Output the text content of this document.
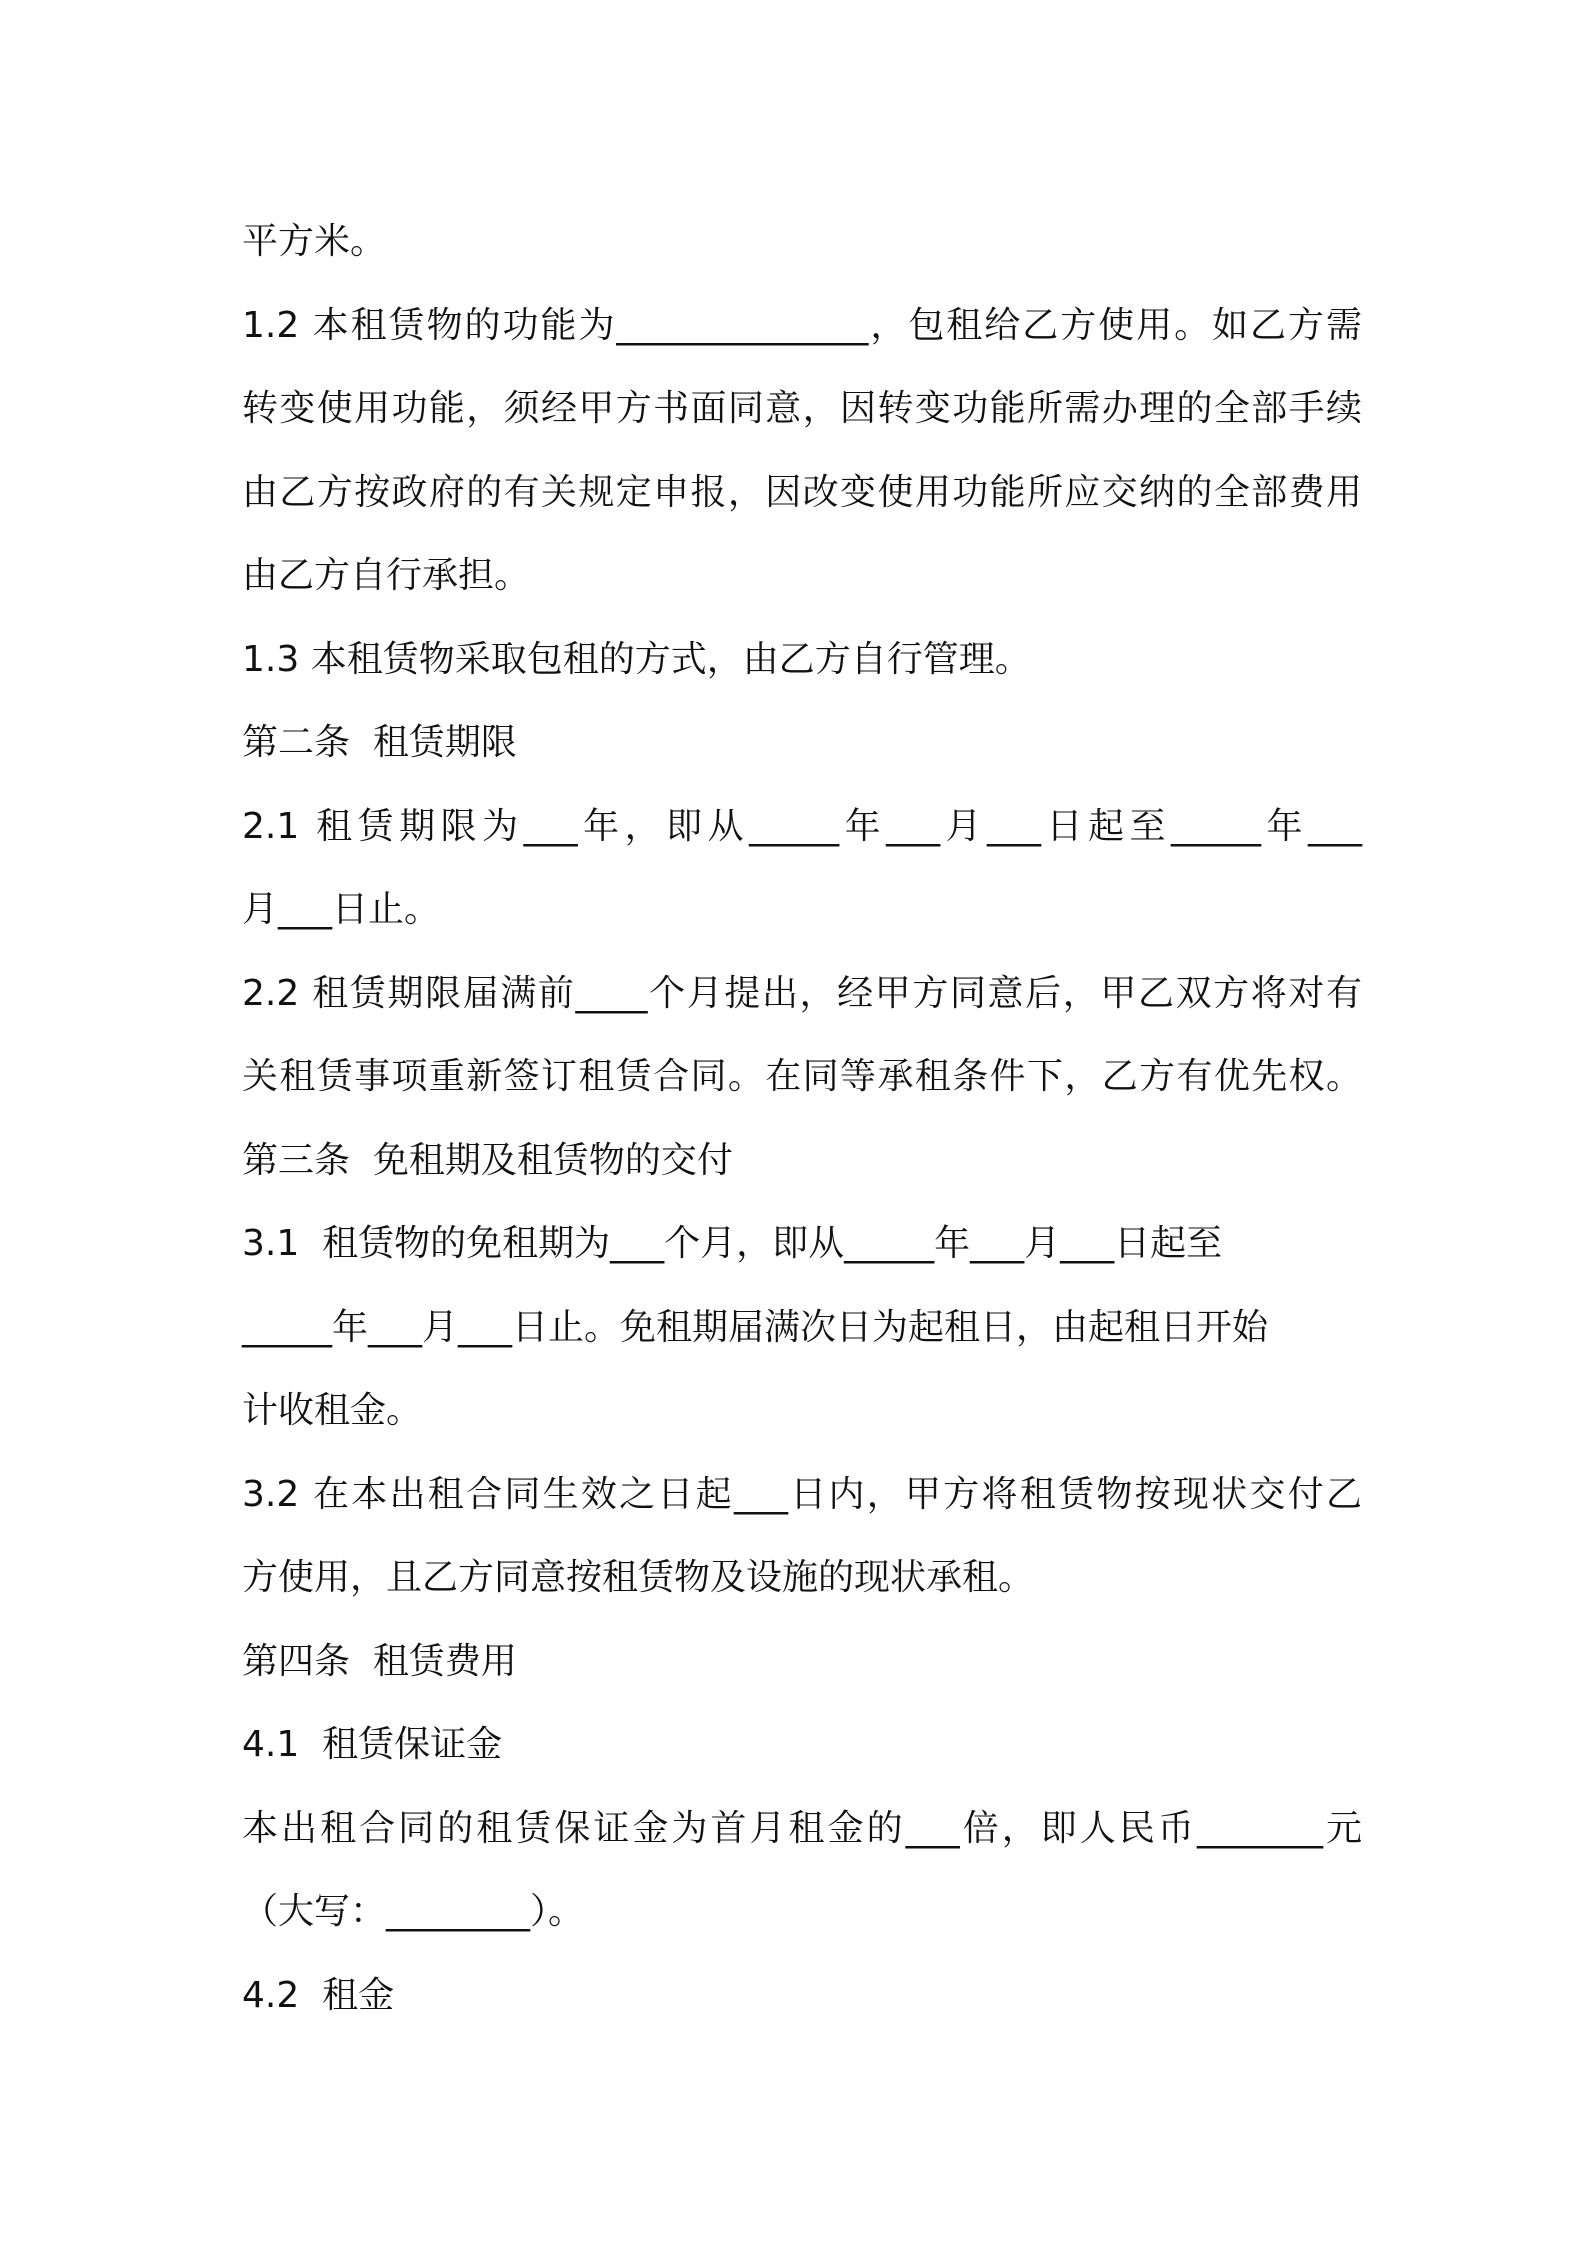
平方米。
1.2 本租赁物的功能为______________，包租给乙方使用。如乙方需
转变使用功能，须经甲方书面同意，因转变功能所需办理的全部手续
由乙方按政府的有关规定申报，因改变使用功能所应交纳的全部费用
由乙方自行承担。
1.3 本租赁物采取包租的方式，由乙方自行管理。
第二条  租赁期限
2.1 租赁期限为___年，即从_____年___月___日起至_____年___
月___日止。
2.2 租赁期限届满前____个月提出，经甲方同意后，甲乙双方将对有
关租赁事项重新签订租赁合同。在同等承租条件下，乙方有优先权。
第三条  免租期及租赁物的交付
3.1  租赁物的免租期为___个月，即从_____年___月___日起至
_____年___月___日止。免租期届满次日为起租日，由起租日开始
计收租金。
3.2 在本出租合同生效之日起___日内，甲方将租赁物按现状交付乙
方使用，且乙方同意按租赁物及设施的现状承租。
第四条  租赁费用
4.1  租赁保证金
本出租合同的租赁保证金为首月租金的___倍，即人民币_______元
（大写：________）。
4.2  租金
